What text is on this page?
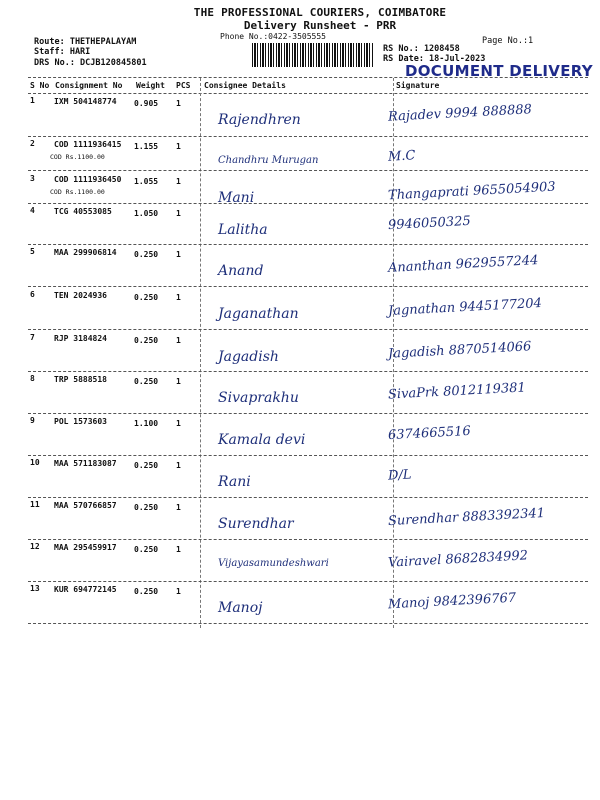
THE PROFESSIONAL COURIERS, COIMBATORE
Delivery Runsheet - PRR
Phone No.:0422-3505555
Route: THETHEPALAYAM
Staff: HARI
DRS No.: DCJB120845801
Page No.:1
RS No.: 1208458
RS Date: 18-Jul-2023
DOCUMENT DELIVERY
S No Consignment No Weight PCS Consignee Details	Signature
1 IXM 504148774 0.905 1
Rajendhren	Rajadev 9994 888888
2 COD 1111936415 1.155 1
COD Rs.1100.00	Chandhru Murugan	M.C
3 COD 1111936450 1.055 1
COD Rs.1100.00	Mani	Thangaprati 9655054903
4 TCG 40553085	1.050 1
Lalitha	9946050325
5 MAA 299906814 0.250 1
Anand	Ananthan 9629557244
6 TEN 2024936	0.250 1
Jaganathan	Jagnathan 9445177204
7 RJP 3184824	0.250 1
Jagadish	Jagadish 8870514066
8 TRP 5888518	0.250 1
Sivaprakhu	SivaPrk 8012119381
9 POL 1573603	1.100 1
Kamala devi	6374665516
10 MAA 571183087 0.250 1
Rani	D/L
11 MAA 570766857 0.250 1
Surendhar	Surendhar 8883392341
12 MAA 295459917 0.250 1
Vijayasamundeshwari	Vairavel 8682834992
13 KUR 694772145 0.250 1
Manoj	Manoj 9842396767
